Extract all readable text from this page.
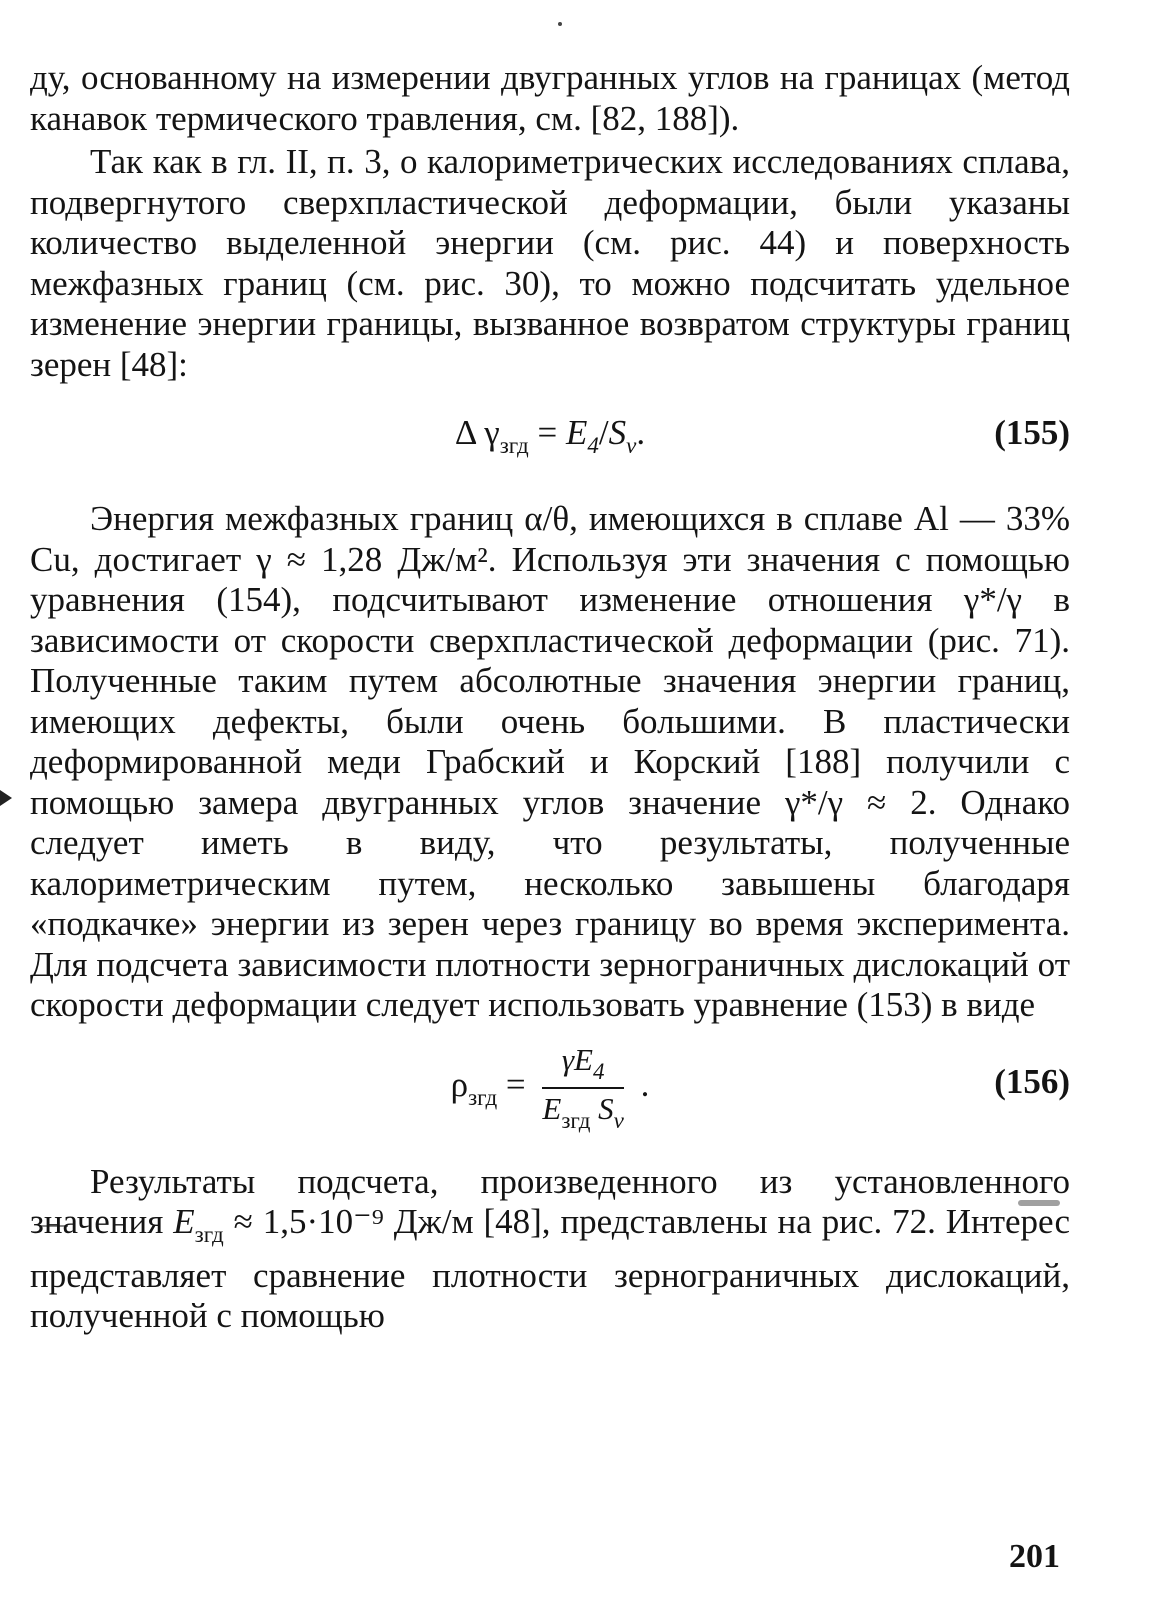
ду, основанному на измерении двугранных углов на границах (метод канавок термического травления, см. [82, 188]).

Так как в гл. II, п. 3, о калориметрических исследованиях сплава, подвергнутого сверхпластической деформации, были указаны количество выделенной энергии (см. рис. 44) и поверхность межфазных границ (см. рис. 30), то можно подсчитать удельное изменение энергии границы, вызванное возвратом структуры границ зерен [48]:

Δ $\gamma_{згд} = E_4/S_v$.	(155)

Энергия межфазных границ α/θ, имеющихся в сплаве Al — 33% Cu, достигает γ ≈ 1,28 Дж/м². Используя эти значения с помощью уравнения (154), подсчитывают изменение отношения γ*/γ в зависимости от скорости сверхпластической деформации (рис. 71). Полученные таким путем абсолютные значения энергии границ, имеющих дефекты, были очень большими. В пластически деформированной меди Грабский и Корский [188] получили с помощью замера двугранных углов значение γ*/γ ≈ 2. Однако следует иметь в виду, что результаты, полученные калориметрическим путем, несколько завышены благодаря «подкачке» энергии из зерен через границу во время эксперимента. Для подсчета зависимости плотности зернограничных дислокаций от скорости деформации следует использовать уравнение (153) в виде

$\rho_{згд} = \frac{\gamma E_4}{E_{згд} S_v}$ .	(156)

Результаты подсчета, произведенного из установленного значения $E_{згд} \approx 1,5\cdot 10^{-9}$ Дж/м [48], представлены на рис. 72. Интерес представляет сравнение плотности зернограничных дислокаций, полученной с помощью

201
